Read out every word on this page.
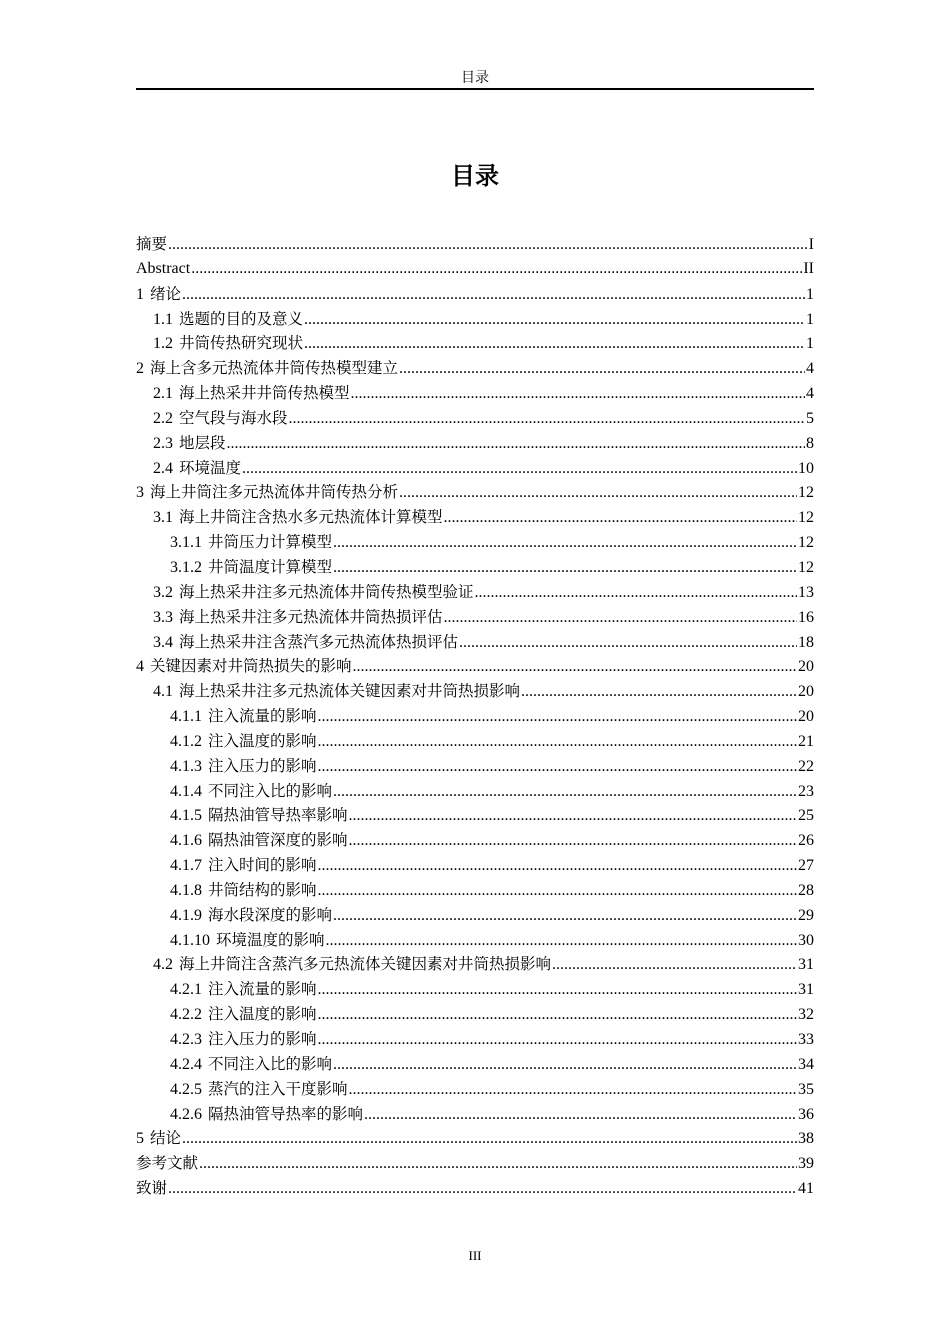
目录
目录
摘要 .....	I
Abstract .....	II
1 绪论 .....	1
1.1 选题的目的及意义 .....	1
1.2 井筒传热研究现状 .....	1
2 海上含多元热流体井筒传热模型建立 .....	4
2.1 海上热采井井筒传热模型 .....	4
2.2 空气段与海水段 .....	5
2.3 地层段 .....	8
2.4 环境温度 .....	10
3 海上井筒注多元热流体井筒传热分析 .....	12
3.1 海上井筒注含热水多元热流体计算模型 .....	12
3.1.1 井筒压力计算模型 .....	12
3.1.2 井筒温度计算模型 .....	12
3.2 海上热采井注多元热流体井筒传热模型验证 .....	13
3.3 海上热采井注多元热流体井筒热损评估 .....	16
3.4 海上热采井注含蒸汽多元热流体热损评估 .....	18
4 关键因素对井筒热损失的影响 .....	20
4.1 海上热采井注多元热流体关键因素对井筒热损影响 .....	20
4.1.1 注入流量的影响 .....	20
4.1.2 注入温度的影响 .....	21
4.1.3 注入压力的影响 .....	22
4.1.4 不同注入比的影响 .....	23
4.1.5 隔热油管导热率影响 .....	25
4.1.6 隔热油管深度的影响 .....	26
4.1.7 注入时间的影响 .....	27
4.1.8 井筒结构的影响 .....	28
4.1.9 海水段深度的影响 .....	29
4.1.10 环境温度的影响 .....	30
4.2 海上井筒注含蒸汽多元热流体关键因素对井筒热损影响 .....	31
4.2.1 注入流量的影响 .....	31
4.2.2 注入温度的影响 .....	32
4.2.3 注入压力的影响 .....	33
4.2.4 不同注入比的影响 .....	34
4.2.5 蒸汽的注入干度影响 .....	35
4.2.6 隔热油管导热率的影响 .....	36
5 结论 .....	38
参考文献 .....	39
致谢 .....	41
III
